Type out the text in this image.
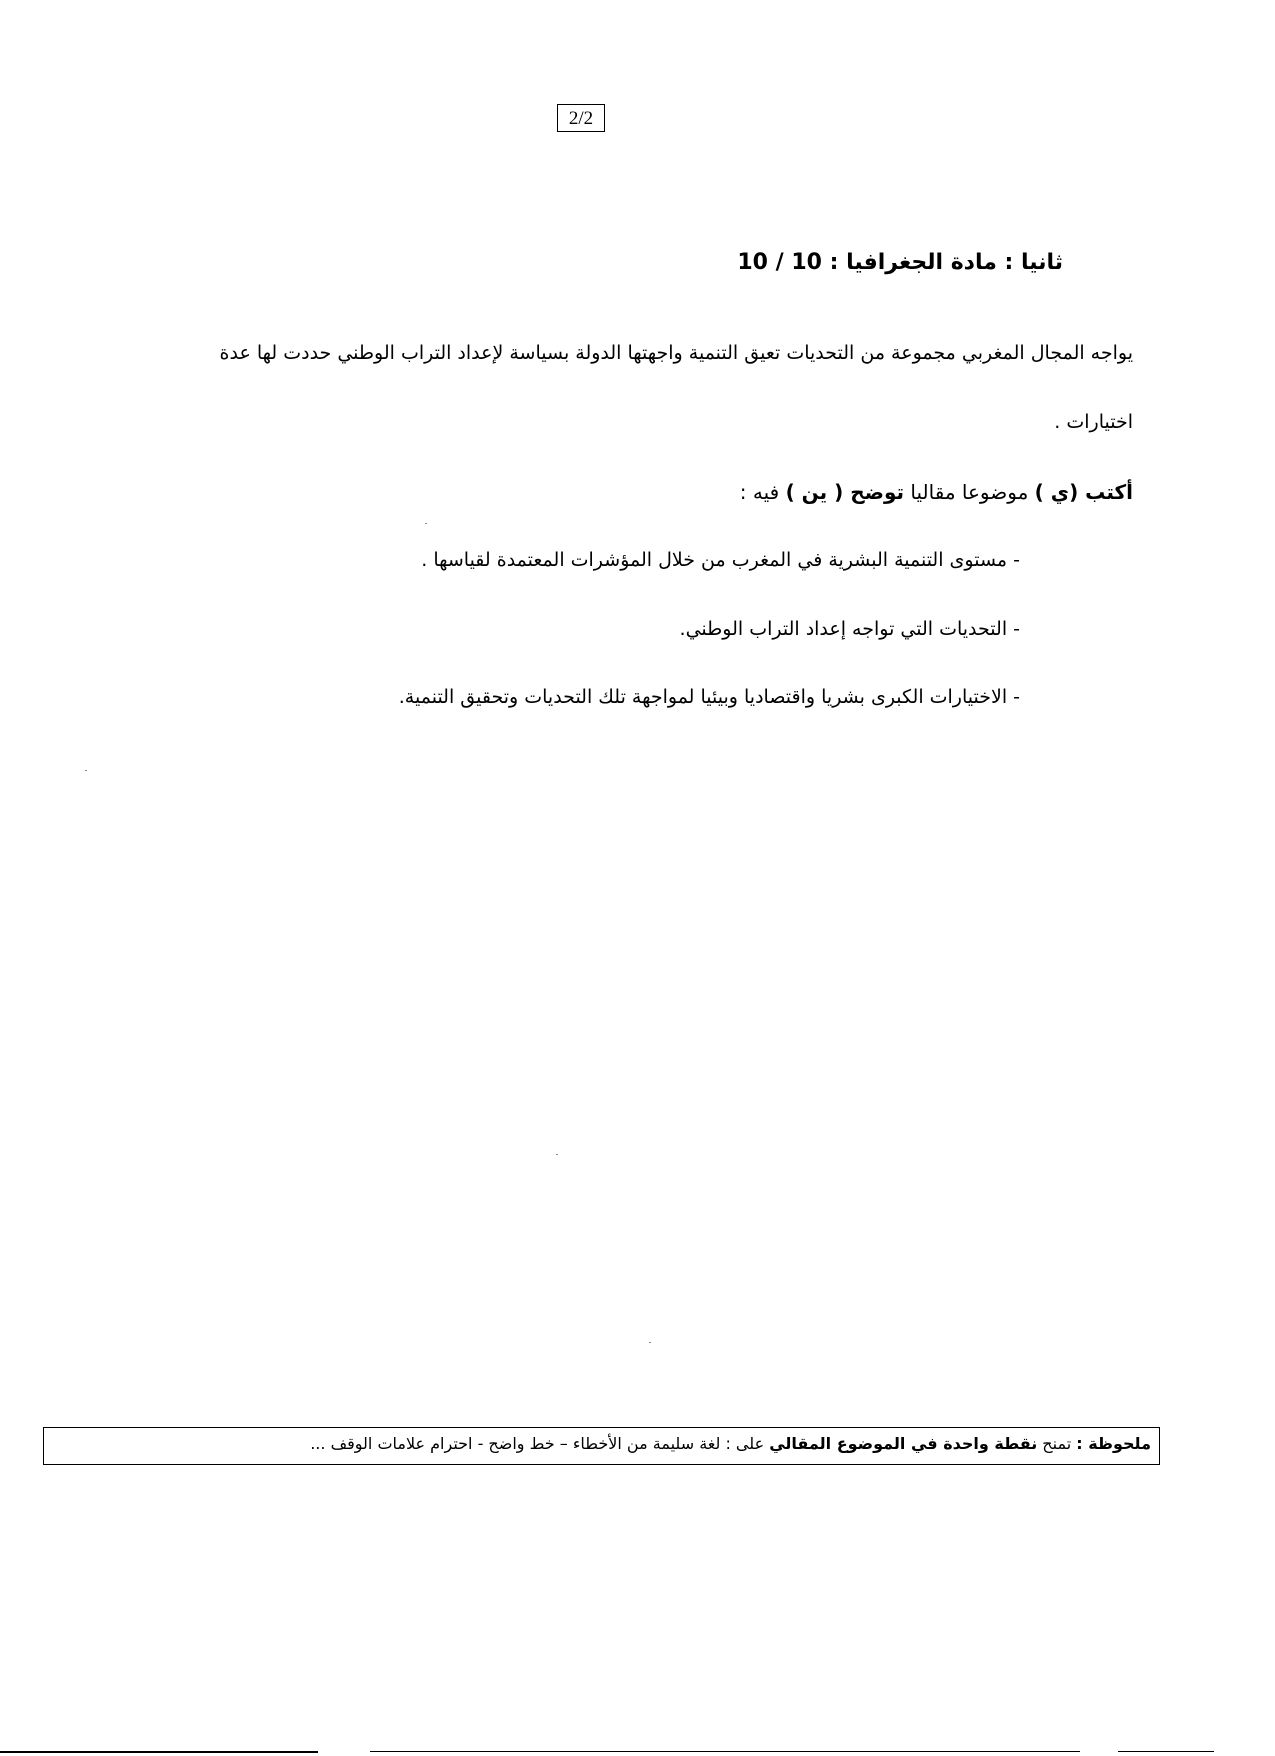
2/2
ثانيا : مادة الجغرافيا : 10 / 10
يواجه المجال المغربي مجموعة من التحديات تعيق التنمية واجهتها الدولة بسياسة لإعداد التراب الوطني حددت لها عدة
اختيارات .
أكتب (ي ) موضوعا مقاليا توضح ( ين ) فيه :
- مستوى التنمية البشرية في المغرب من خلال المؤشرات المعتمدة لقياسها .
- التحديات التي تواجه إعداد التراب الوطني.
- الاختيارات الكبرى بشريا واقتصاديا وبيئيا لمواجهة تلك التحديات وتحقيق التنمية.
ملحوظة : تمنح نقطة واحدة في الموضوع المقالي على : لغة سليمة من الأخطاء – خط واضح - احترام علامات الوقف ...
